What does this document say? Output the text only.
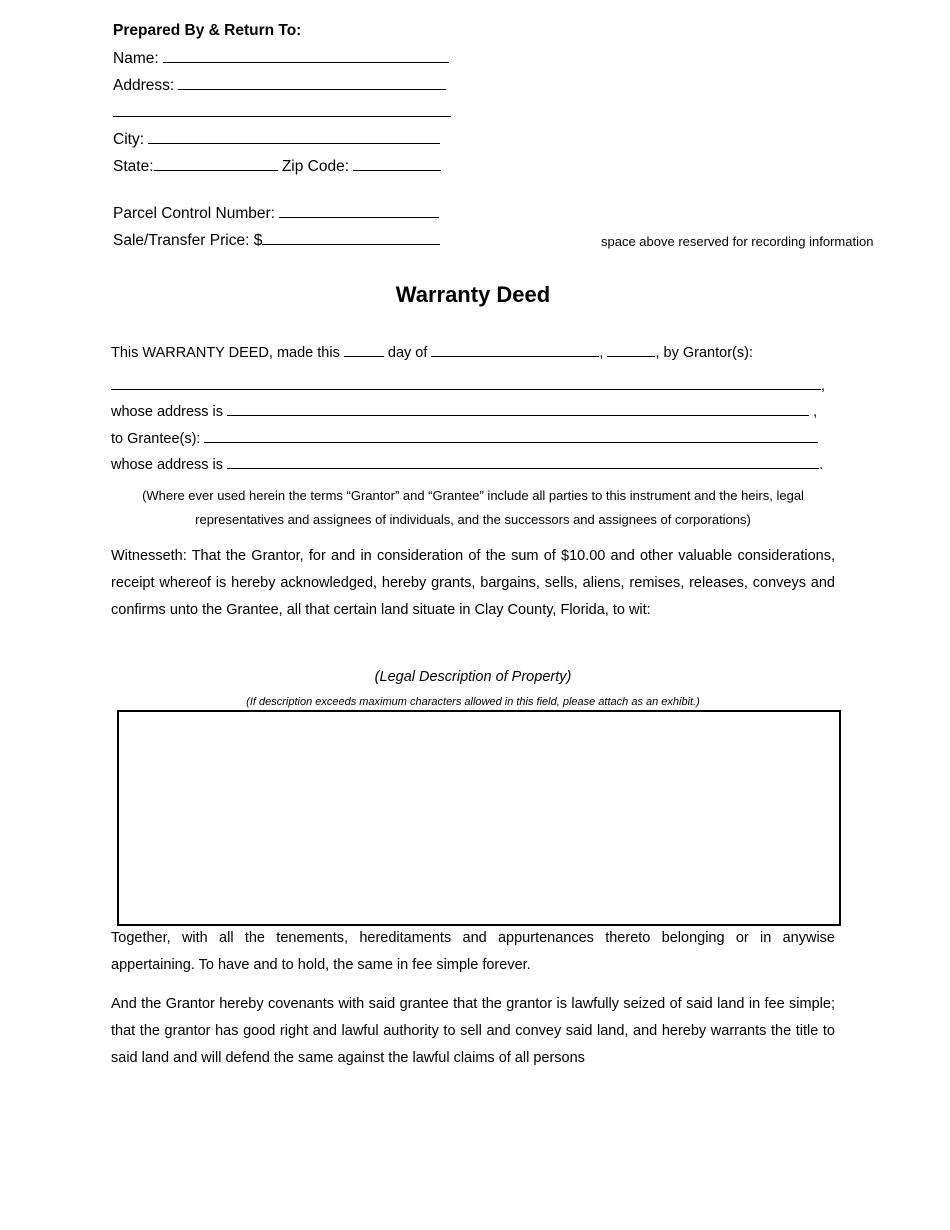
Prepared By & Return To:
Name:
Address:
City:
State:	Zip Code:
Parcel Control Number:
Sale/Transfer Price: $	space above reserved for recording information
Warranty Deed
This WARRANTY DEED, made this	day of	,	, by Grantor(s):
,
whose address is	,
to Grantee(s):
whose address is	.
(Where ever used herein the terms “Grantor” and “Grantee” include all parties to this instrument and the heirs, legal
representatives and assignees of individuals, and the successors and assignees of corporations)
Witnesseth: That the Grantor, for and in consideration of the sum of $10.00 and other valuable considerations, receipt whereof is hereby acknowledged, hereby grants, bargains, sells, aliens, remises, releases, conveys and confirms unto the Grantee, all that certain land situate in Clay County, Florida, to wit:
(Legal Description of Property)
(If description exceeds maximum characters allowed in this field, please attach as an exhibit.)
Together, with all the tenements, hereditaments and appurtenances thereto belonging or in anywise appertaining. To have and to hold, the same in fee simple forever.
And the Grantor hereby covenants with said grantee that the grantor is lawfully seized of said land in fee simple; that the grantor has good right and lawful authority to sell and convey said land, and hereby warrants the title to said land and will defend the same against the lawful claims of all persons
